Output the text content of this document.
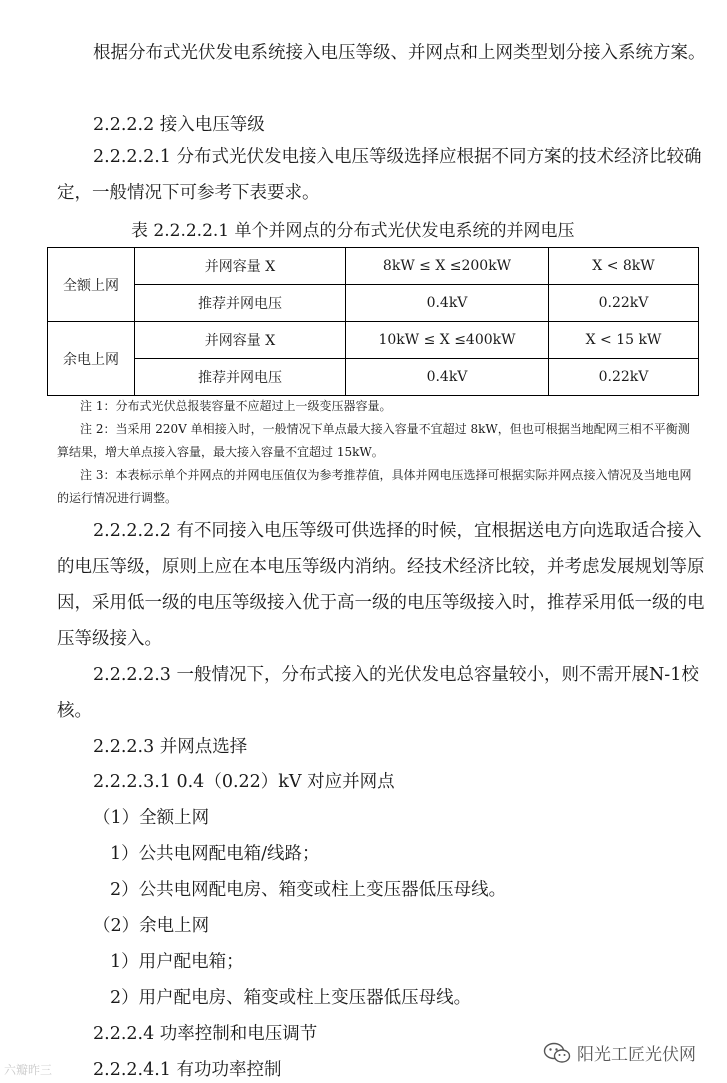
根据分布式光伏发电系统接入电压等级、并网点和上网类型划分接入系统方案。

2.2.2.2 接入电压等级

2.2.2.2.1 分布式光伏发电接入电压等级选择应根据不同方案的技术经济比较确定，一般情况下可参考下表要求。

表 2.2.2.2.1 单个并网点的分布式光伏发电系统的并网电压
全额上网	并网容量 X	8kW ≤ X ≤200kW	X < 8kW
	推荐并网电压	0.4kV	0.22kV
余电上网	并网容量 X	10kW ≤ X ≤400kW	X < 15 kW
	推荐并网电压	0.4kV	0.22kV

注 1：分布式光伏总报装容量不应超过上一级变压器容量。

注 2：当采用 220V 单相接入时，一般情况下单点最大接入容量不宜超过 8kW，但也可根据当地配网三相不平衡测算结果，增大单点接入容量，最大接入容量不宜超过 15kW。

注 3：本表标示单个并网点的并网电压值仅为参考推荐值，具体并网电压选择可根据实际并网点接入情况及当地电网的运行情况进行调整。

2.2.2.2.2 有不同接入电压等级可供选择的时候，宜根据送电方向选取适合接入的电压等级，原则上应在本电压等级内消纳。经技术经济比较，并考虑发展规划等原因，采用低一级的电压等级接入优于高一级的电压等级接入时，推荐采用低一级的电压等级接入。

2.2.2.2.3 一般情况下，分布式接入的光伏发电总容量较小，则不需开展N-1校核。

2.2.2.3 并网点选择
2.2.2.3.1 0.4（0.22）kV 对应并网点
（1）全额上网
1）公共电网配电箱/线路；
2）公共电网配电房、箱变或柱上变压器低压母线。
（2）余电上网
1）用户配电箱；
2）用户配电房、箱变或柱上变压器低压母线。
2.2.2.4 功率控制和电压调节
2.2.2.4.1 有功功率控制
六瓣昨三
阳光工匠光伏网
